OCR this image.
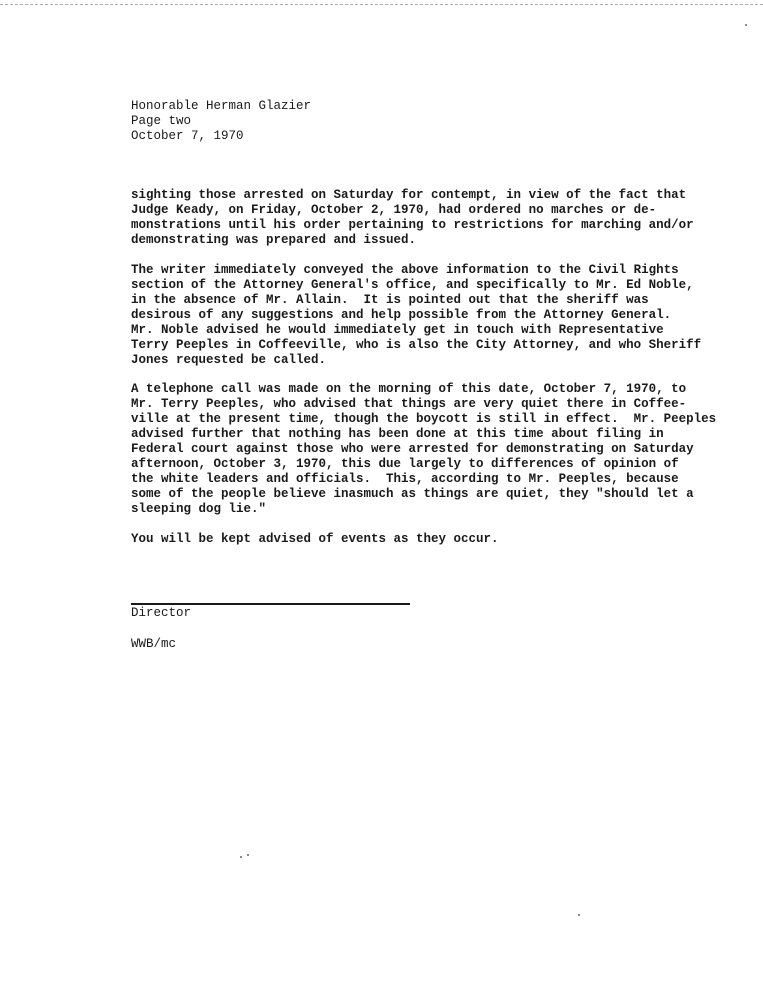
Honorable Herman Glazier
Page two
October 7, 1970

sighting those arrested on Saturday for contempt, in view of the fact that
Judge Keady, on Friday, October 2, 1970, had ordered no marches or de-
monstrations until his order pertaining to restrictions for marching and/or
demonstrating was prepared and issued.

The writer immediately conveyed the above information to the Civil Rights
section of the Attorney General's office, and specifically to Mr. Ed Noble,
in the absence of Mr. Allain.  It is pointed out that the sheriff was
desirous of any suggestions and help possible from the Attorney General.
Mr. Noble advised he would immediately get in touch with Representative
Terry Peeples in Coffeeville, who is also the City Attorney, and who Sheriff
Jones requested be called.

A telephone call was made on the morning of this date, October 7, 1970, to
Mr. Terry Peeples, who advised that things are very quiet there in Coffee-
ville at the present time, though the boycott is still in effect.  Mr. Peeples
advised further that nothing has been done at this time about filing in
Federal court against those who were arrested for demonstrating on Saturday
afternoon, October 3, 1970, this due largely to differences of opinion of
the white leaders and officials.  This, according to Mr. Peeples, because
some of the people believe inasmuch as things are quiet, they "should let a
sleeping dog lie."

You will be kept advised of events as they occur.

Director
WWB/mc
